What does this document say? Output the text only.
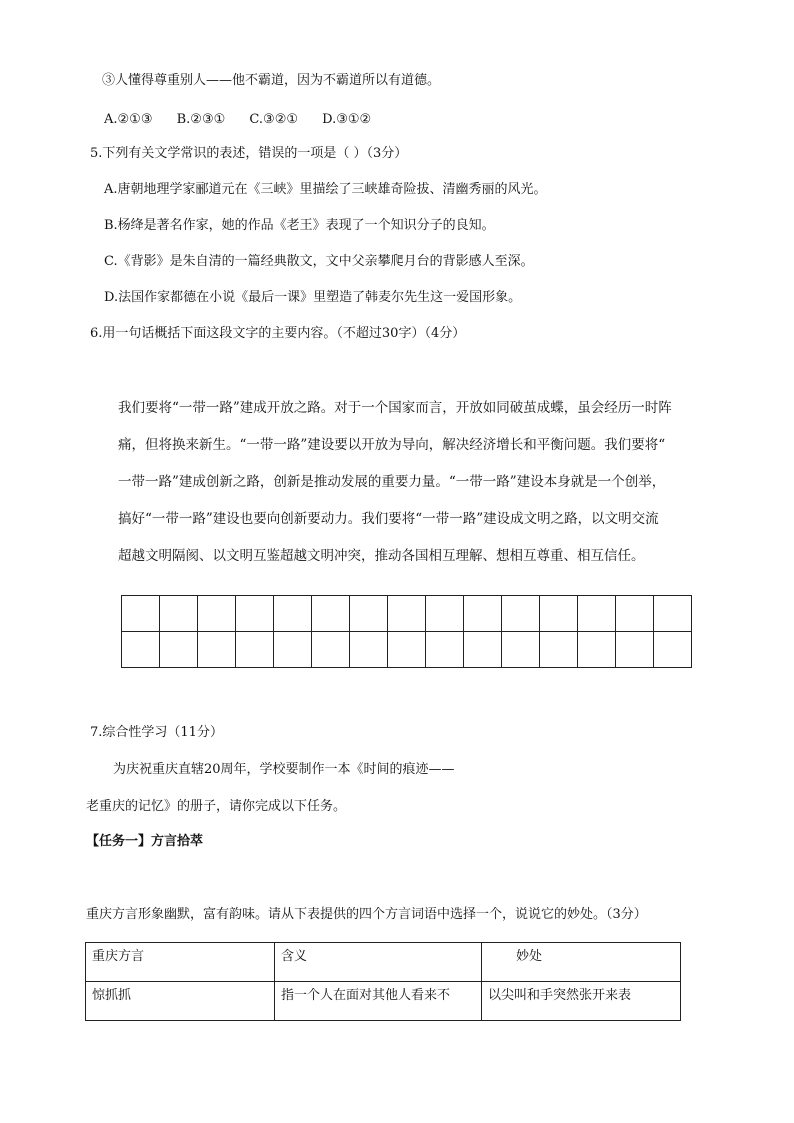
③人懂得尊重别人——他不霸道，因为不霸道所以有道德。
A.②①③ B.②③① C.③②① D.③①②
5.下列有关文学常识的表述，错误的一项是（ ）（3分）
A.唐朝地理学家郦道元在《三峡》里描绘了三峡雄奇险拔、清幽秀丽的风光。
B.杨绛是著名作家，她的作品《老王》表现了一个知识分子的良知。
C.《背影》是朱自清的一篇经典散文，文中父亲攀爬月台的背影感人至深。
D.法国作家都德在小说《最后一课》里塑造了韩麦尔先生这一爱国形象。
6.用一句话概括下面这段文字的主要内容。（不超过30字）（4分）
我们要将“一带一路”建成开放之路。对于一个国家而言，开放如同破茧成蝶，虽会经历一时阵
痛，但将换来新生。“一带一路”建设要以开放为导向，解决经济增长和平衡问题。我们要将“
一带一路”建成创新之路，创新是推动发展的重要力量。“一带一路”建设本身就是一个创举，
搞好“一带一路”建设也要向创新要动力。我们要将“一带一路”建设成文明之路，以文明交流
超越文明隔阂、以文明互鉴超越文明冲突，推动各国相互理解、想相互尊重、相互信任。

7.综合性学习（11分）
为庆祝重庆直辖20周年，学校要制作一本《时间的痕迹——
老重庆的记忆》的册子，请你完成以下任务。
【任务一】方言拾萃
重庆方言形象幽默，富有韵味。请从下表提供的四个方言词语中选择一个，说说它的妙处。（3分）
重庆方言	含义	妙处
惊抓抓	指一个人在面对其他人看来不	以尖叫和手突然张开来表
